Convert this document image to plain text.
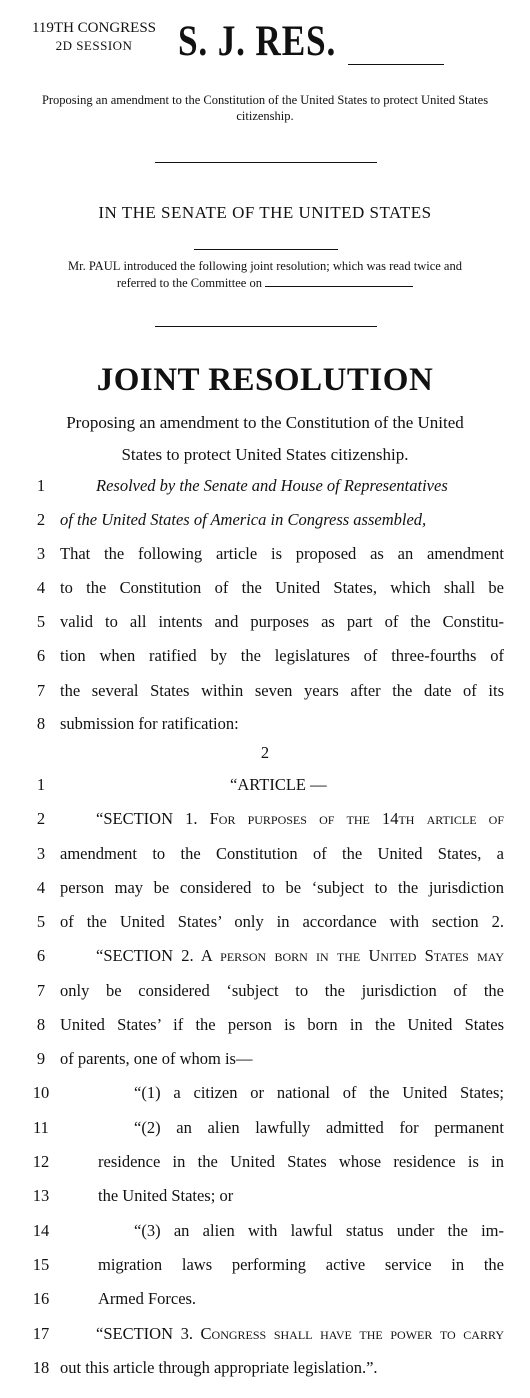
119TH CONGRESS
2D SESSION	S. J. RES.
Proposing an amendment to the Constitution of the United States to protect United States citizenship.
IN THE SENATE OF THE UNITED STATES
Mr. PAUL introduced the following joint resolution; which was read twice and
referred to the Committee on
JOINT RESOLUTION
Proposing an amendment to the Constitution of the United
States to protect United States citizenship.
1	Resolved by the Senate and House of Representatives
2 of the United States of America in Congress assembled,
3 That the following article is proposed as an amendment
4 to the Constitution of the United States, which shall be
5 valid to all intents and purposes as part of the Constitu-
6 tion when ratified by the legislatures of three-fourths of
7 the several States within seven years after the date of its
8 submission for ratification:
2
1	“ARTICLE —
2	“SECTION 1. For purposes of the 14th article of
3 amendment to the Constitution of the United States, a
4 person may be considered to be ‘subject to the jurisdiction
5 of the United States’ only in accordance with section 2.
6	“SECTION 2. A person born in the United States may
7 only be considered ‘subject to the jurisdiction of the
8 United States’ if the person is born in the United States
9 of parents, one of whom is—
10	“(1) a citizen or national of the United States;
11	“(2) an alien lawfully admitted for permanent
12	residence in the United States whose residence is in
13	the United States; or
14	“(3) an alien with lawful status under the im-
15	migration laws performing active service in the
16	Armed Forces.
17	“SECTION 3. Congress shall have the power to carry
18 out this article through appropriate legislation.”.
